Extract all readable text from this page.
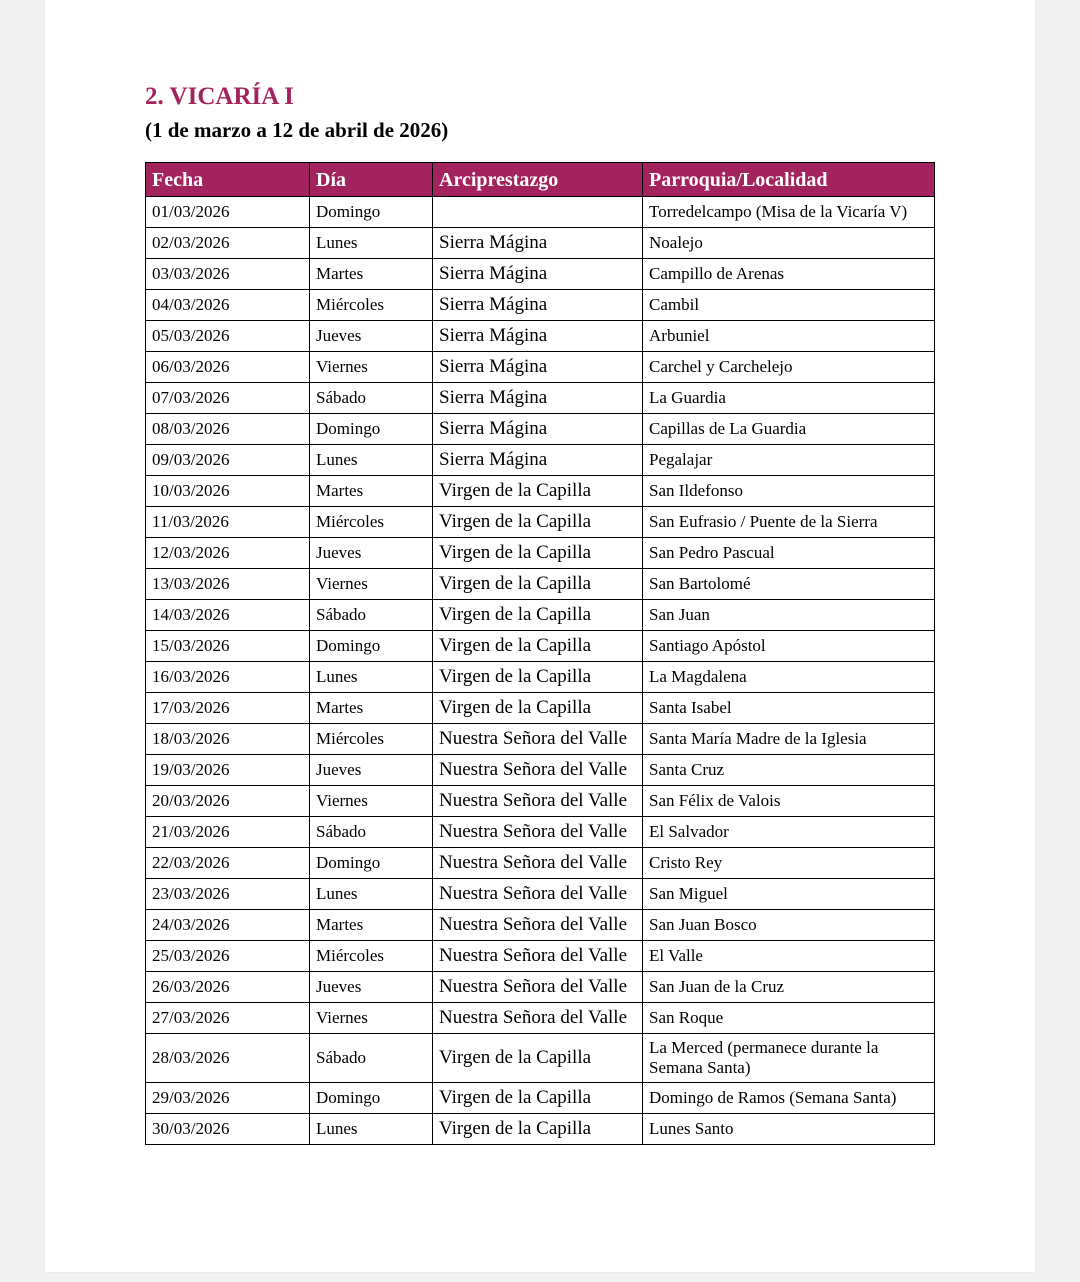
2. VICARÍA I
(1 de marzo a 12 de abril de 2026)
Fecha	Día	Arciprestazgo	Parroquia/Localidad
01/03/2026	Domingo		Torredelcampo (Misa de la Vicaría V)
02/03/2026	Lunes	Sierra Mágina	Noalejo
03/03/2026	Martes	Sierra Mágina	Campillo de Arenas
04/03/2026	Miércoles	Sierra Mágina	Cambil
05/03/2026	Jueves	Sierra Mágina	Arbuniel
06/03/2026	Viernes	Sierra Mágina	Carchel y Carchelejo
07/03/2026	Sábado	Sierra Mágina	La Guardia
08/03/2026	Domingo	Sierra Mágina	Capillas de La Guardia
09/03/2026	Lunes	Sierra Mágina	Pegalajar
10/03/2026	Martes	Virgen de la Capilla	San Ildefonso
11/03/2026	Miércoles	Virgen de la Capilla	San Eufrasio / Puente de la Sierra
12/03/2026	Jueves	Virgen de la Capilla	San Pedro Pascual
13/03/2026	Viernes	Virgen de la Capilla	San Bartolomé
14/03/2026	Sábado	Virgen de la Capilla	San Juan
15/03/2026	Domingo	Virgen de la Capilla	Santiago Apóstol
16/03/2026	Lunes	Virgen de la Capilla	La Magdalena
17/03/2026	Martes	Virgen de la Capilla	Santa Isabel
18/03/2026	Miércoles	Nuestra Señora del Valle	Santa María Madre de la Iglesia
19/03/2026	Jueves	Nuestra Señora del Valle	Santa Cruz
20/03/2026	Viernes	Nuestra Señora del Valle	San Félix de Valois
21/03/2026	Sábado	Nuestra Señora del Valle	El Salvador
22/03/2026	Domingo	Nuestra Señora del Valle	Cristo Rey
23/03/2026	Lunes	Nuestra Señora del Valle	San Miguel
24/03/2026	Martes	Nuestra Señora del Valle	San Juan Bosco
25/03/2026	Miércoles	Nuestra Señora del Valle	El Valle
26/03/2026	Jueves	Nuestra Señora del Valle	San Juan de la Cruz
27/03/2026	Viernes	Nuestra Señora del Valle	San Roque
28/03/2026	Sábado	Virgen de la Capilla	La Merced (permanece durante la Semana Santa)
29/03/2026	Domingo	Virgen de la Capilla	Domingo de Ramos (Semana Santa)
30/03/2026	Lunes	Virgen de la Capilla	Lunes Santo
